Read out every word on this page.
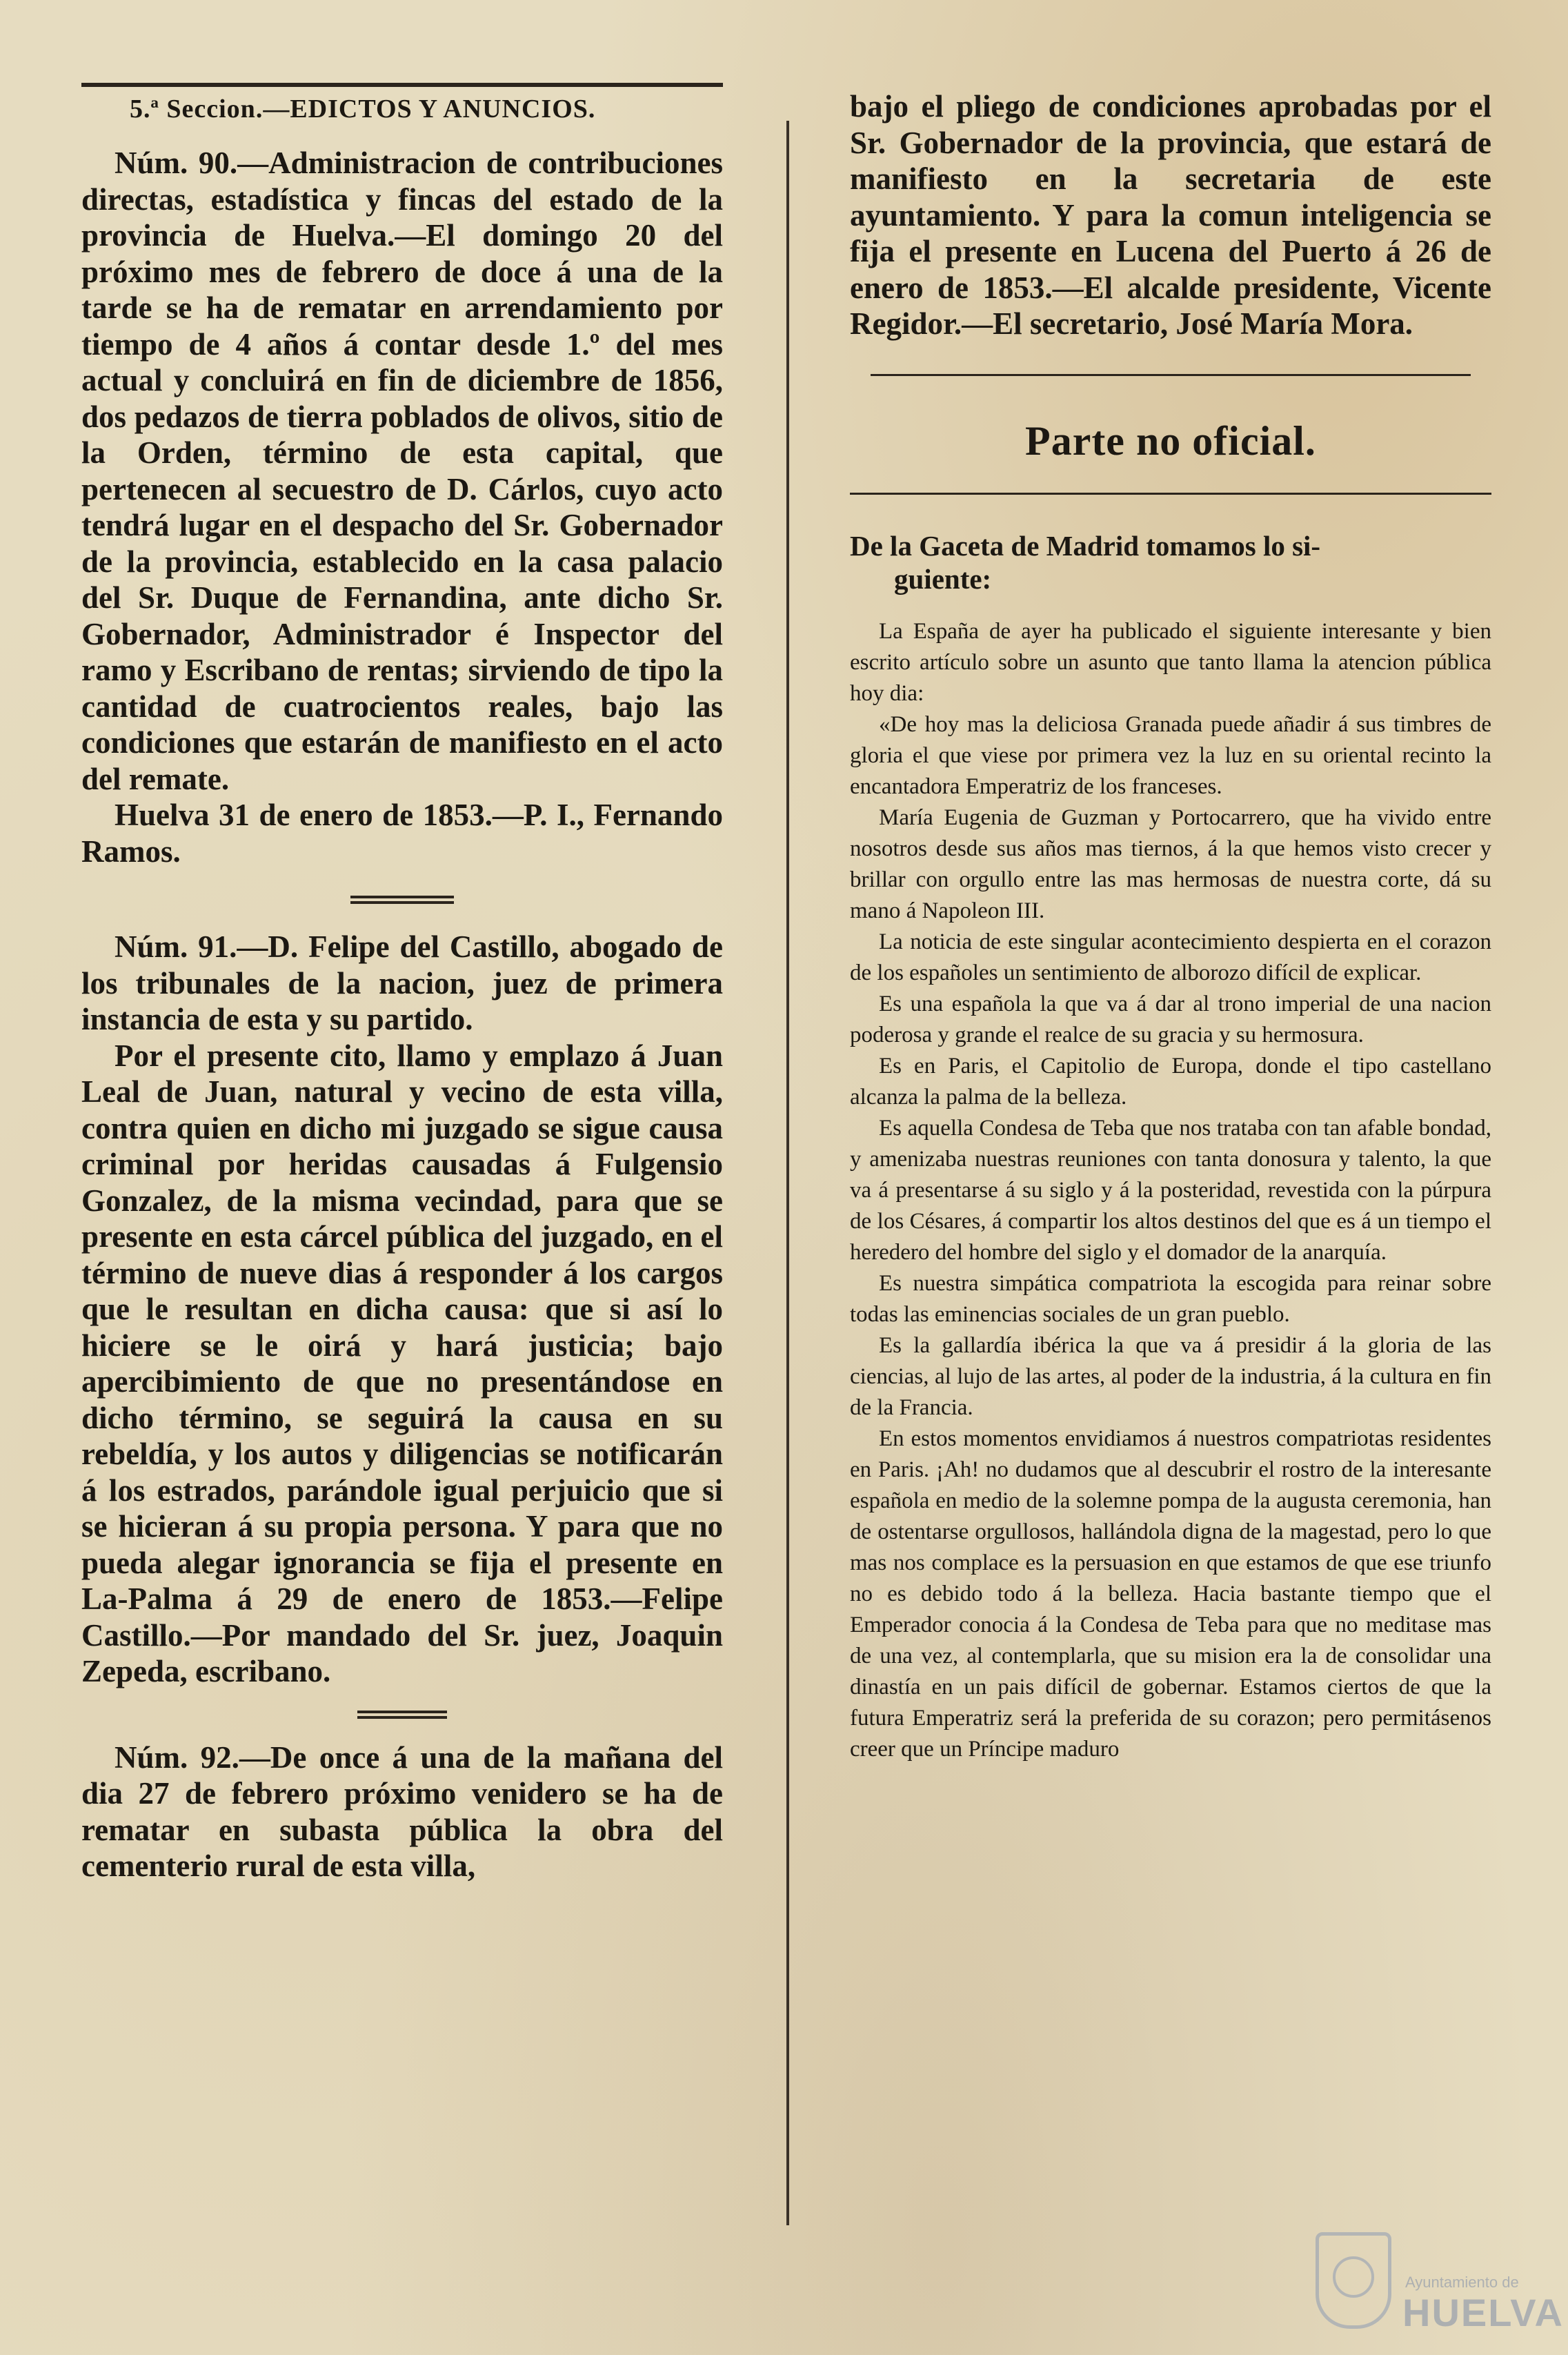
5.ª Seccion.—EDICTOS Y ANUNCIOS.

Núm. 90.—Administracion de contribuciones directas, estadística y fincas del estado de la provincia de Huelva.—El domingo 20 del próximo mes de febrero de doce á una de la tarde se ha de rematar en arrendamiento por tiempo de 4 años á contar desde 1.º del mes actual y concluirá en fin de diciembre de 1856, dos pedazos de tierra poblados de olivos, sitio de la Orden, término de esta capital, que pertenecen al secuestro de D. Cárlos, cuyo acto tendrá lugar en el despacho del Sr. Gobernador de la provincia, establecido en la casa palacio del Sr. Duque de Fernandina, ante dicho Sr. Gobernador, Administrador é Inspector del ramo y Escribano de rentas; sirviendo de tipo la cantidad de cuatrocientos reales, bajo las condiciones que estarán de manifiesto en el acto del remate.

Huelva 31 de enero de 1853.—P. I., Fernando Ramos.

Núm. 91.—D. Felipe del Castillo, abogado de los tribunales de la nacion, juez de primera instancia de esta y su partido.

Por el presente cito, llamo y emplazo á Juan Leal de Juan, natural y vecino de esta villa, contra quien en dicho mi juzgado se sigue causa criminal por heridas causadas á Fulgensio Gonzalez, de la misma vecindad, para que se presente en esta cárcel pública del juzgado, en el término de nueve dias á responder á los cargos que le resultan en dicha causa: que si así lo hiciere se le oirá y hará justicia; bajo apercibimiento de que no presentándose en dicho término, se seguirá la causa en su rebeldía, y los autos y diligencias se notificarán á los estrados, parándole igual perjuicio que si se hicieran á su propia persona. Y para que no pueda alegar ignorancia se fija el presente en La-Palma á 29 de enero de 1853.—Felipe Castillo.—Por mandado del Sr. juez, Joaquin Zepeda, escribano.

Núm. 92.—De once á una de la mañana del dia 27 de febrero próximo venidero se ha de rematar en subasta pública la obra del cementerio rural de esta villa,

bajo el pliego de condiciones aprobadas por el Sr. Gobernador de la provincia, que estará de manifiesto en la secretaria de este ayuntamiento. Y para la comun inteligencia se fija el presente en Lucena del Puerto á 26 de enero de 1853.—El alcalde presidente, Vicente Regidor.—El secretario, José María Mora.

Parte no oficial.
De la Gaceta de Madrid tomamos lo si-
guiente:

La España de ayer ha publicado el siguiente interesante y bien escrito artículo sobre un asunto que tanto llama la atencion pública hoy dia:

«De hoy mas la deliciosa Granada puede añadir á sus timbres de gloria el que viese por primera vez la luz en su oriental recinto la encantadora Emperatriz de los franceses.

María Eugenia de Guzman y Portocarrero, que ha vivido entre nosotros desde sus años mas tiernos, á la que hemos visto crecer y brillar con orgullo entre las mas hermosas de nuestra corte, dá su mano á Napoleon III.

La noticia de este singular acontecimiento despierta en el corazon de los españoles un sentimiento de alborozo difícil de explicar.

Es una española la que va á dar al trono imperial de una nacion poderosa y grande el realce de su gracia y su hermosura.

Es en Paris, el Capitolio de Europa, donde el tipo castellano alcanza la palma de la belleza.

Es aquella Condesa de Teba que nos trataba con tan afable bondad, y amenizaba nuestras reuniones con tanta donosura y talento, la que va á presentarse á su siglo y á la posteridad, revestida con la púrpura de los Césares, á compartir los altos destinos del que es á un tiempo el heredero del hombre del siglo y el domador de la anarquía.

Es nuestra simpática compatriota la escogida para reinar sobre todas las eminencias sociales de un gran pueblo.

Es la gallardía ibérica la que va á presidir á la gloria de las ciencias, al lujo de las artes, al poder de la industria, á la cultura en fin de la Francia.

En estos momentos envidiamos á nuestros compatriotas residentes en Paris. ¡Ah! no dudamos que al descubrir el rostro de la interesante española en medio de la solemne pompa de la augusta ceremonia, han de ostentarse orgullosos, hallándola digna de la magestad, pero lo que mas nos complace es la persuasion en que estamos de que ese triunfo no es debido todo á la belleza. Hacia bastante tiempo que el Emperador conocia á la Condesa de Teba para que no meditase mas de una vez, al contemplarla, que su mision era la de consolidar una dinastía en un pais difícil de gobernar. Estamos ciertos de que la futura Emperatriz será la preferida de su corazon; pero permitásenos creer que un Príncipe maduro

Ayuntamiento de
HUELVA
